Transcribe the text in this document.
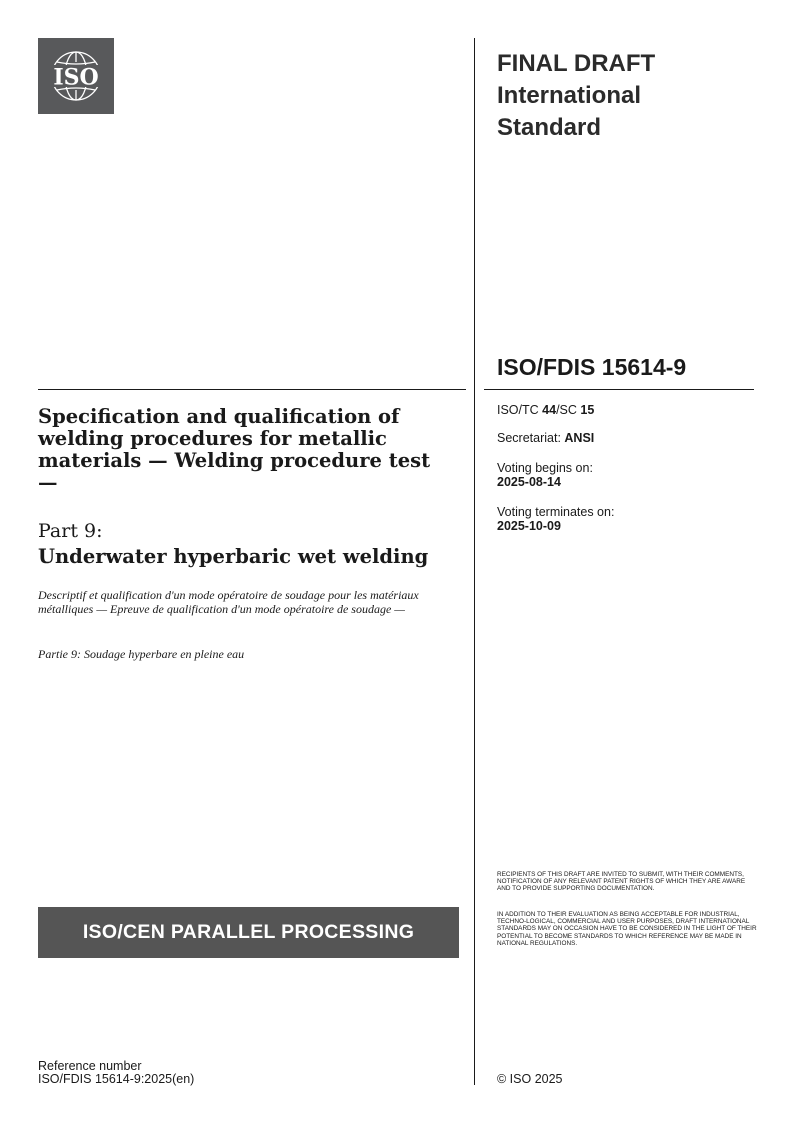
ISO
FINAL DRAFT
International
Standard
ISO/FDIS 15614-9
Specification and qualification of welding procedures for metallic materials — Welding procedure test —
Part 9:
Underwater hyperbaric wet welding
Descriptif et qualification d'un mode opératoire de soudage pour les matériaux métalliques — Epreuve de qualification d'un mode opératoire de soudage —
Partie 9: Soudage hyperbare en pleine eau
ISO/TC 44/SC 15
Secretariat: ANSI
Voting begins on:
2025-08-14
Voting terminates on:
2025-10-09
RECIPIENTS OF THIS DRAFT ARE INVITED TO SUBMIT, WITH THEIR COMMENTS, NOTIFICATION OF ANY RELEVANT PATENT RIGHTS OF WHICH THEY ARE AWARE AND TO PROVIDE SUPPORTING DOCUMENTATION.
IN ADDITION TO THEIR EVALUATION AS BEING ACCEPTABLE FOR INDUSTRIAL, TECHNO-LOGICAL, COMMERCIAL AND USER PURPOSES, DRAFT INTERNATIONAL STANDARDS MAY ON OCCASION HAVE TO BE CONSIDERED IN THE LIGHT OF THEIR POTENTIAL TO BECOME STANDARDS TO WHICH REFERENCE MAY BE MADE IN NATIONAL REGULATIONS.
ISO/CEN PARALLEL PROCESSING
Reference number
ISO/FDIS 15614-9:2025(en)	© ISO 2025
